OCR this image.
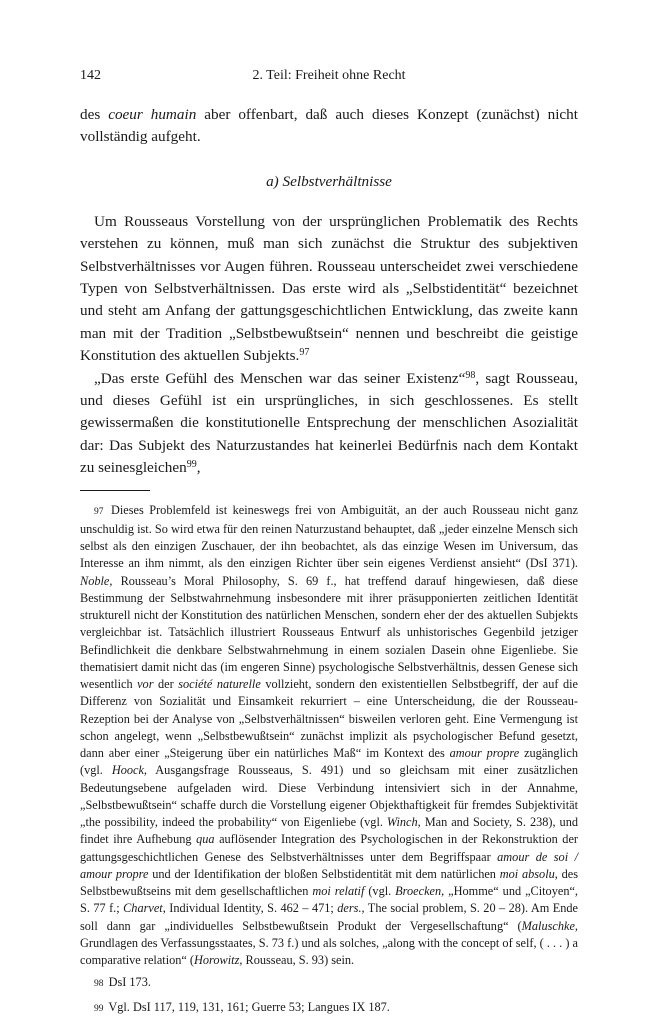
142	2. Teil: Freiheit ohne Recht

des coeur humain aber offenbart, daß auch dieses Konzept (zunächst) nicht vollständig aufgeht.

a) Selbstverhältnisse

Um Rousseaus Vorstellung von der ursprünglichen Problematik des Rechts verstehen zu können, muß man sich zunächst die Struktur des subjektiven Selbstverhältnisses vor Augen führen. Rousseau unterscheidet zwei verschiedene Typen von Selbstverhältnissen. Das erste wird als „Selbstidentität“ bezeichnet und steht am Anfang der gattungsgeschichtlichen Entwicklung, das zweite kann man mit der Tradition „Selbstbewußtsein“ nennen und beschreibt die geistige Konstitution des aktuellen Subjekts.$^{97}$

„Das erste Gefühl des Menschen war das seiner Existenz“$^{98}$, sagt Rousseau, und dieses Gefühl ist ein ursprüngliches, in sich geschlossenes. Es stellt gewissermaßen die konstitutionelle Entsprechung der menschlichen Asozialität dar: Das Subjekt des Naturzustandes hat keinerlei Bedürfnis nach dem Kontakt zu seinesgleichen$^{99}$,

97 Dieses Problemfeld ist keineswegs frei von Ambiguität, an der auch Rousseau nicht ganz unschuldig ist. So wird etwa für den reinen Naturzustand behauptet, daß „jeder einzelne Mensch sich selbst als den einzigen Zuschauer, der ihn beobachtet, als das einzige Wesen im Universum, das Interesse an ihm nimmt, als den einzigen Richter über sein eigenes Verdienst ansieht“ (DsI 371). Noble, Rousseau’s Moral Philosophy, S. 69 f., hat treffend darauf hingewiesen, daß diese Bestimmung der Selbstwahrnehmung insbesondere mit ihrer präsupponierten zeitlichen Identität strukturell nicht der Konstitution des natürlichen Menschen, sondern eher der des aktuellen Subjekts vergleichbar ist. Tatsächlich illustriert Rousseaus Entwurf als unhistorisches Gegenbild jetziger Befindlichkeit die denkbare Selbstwahrnehmung in einem sozialen Dasein ohne Eigenliebe. Sie thematisiert damit nicht das (im engeren Sinne) psychologische Selbstverhältnis, dessen Genese sich wesentlich vor der société naturelle vollzieht, sondern den existentiellen Selbstbegriff, der auf die Differenz von Sozialität und Einsamkeit rekurriert – eine Unterscheidung, die der Rousseau-Rezeption bei der Analyse von „Selbstverhältnissen“ bisweilen verloren geht. Eine Vermengung ist schon angelegt, wenn „Selbstbewußtsein“ zunächst implizit als psychologischer Befund gesetzt, dann aber einer „Steigerung über ein natürliches Maß“ im Kontext des amour propre zugänglich (vgl. Hoock, Ausgangsfrage Rousseaus, S. 491) und so gleichsam mit einer zusätzlichen Bedeutungsebene aufgeladen wird. Diese Verbindung intensiviert sich in der Annahme, „Selbstbewußtsein“ schaffe durch die Vorstellung eigener Objekthaftigkeit für fremdes Subjektivität „the possibility, indeed the probability“ von Eigenliebe (vgl. Winch, Man and Society, S. 238), und findet ihre Aufhebung qua auflösender Integration des Psychologischen in der Rekonstruktion der gattungsgeschichtlichen Genese des Selbstverhältnisses unter dem Begriffspaar amour de soi / amour propre und der Identifikation der bloßen Selbstidentität mit dem natürlichen moi absolu, des Selbstbewußtseins mit dem gesellschaftlichen moi relatif (vgl. Broecken, „Homme“ und „Citoyen“, S. 77 f.; Charvet, Individual Identity, S. 462 – 471; ders., The social problem, S. 20 – 28). Am Ende soll dann gar „individuelles Selbstbewußtsein Produkt der Vergesellschaftung“ (Maluschke, Grundlagen des Verfassungsstaates, S. 73 f.) und als solches, „along with the concept of self, ( . . . ) a comparative relation“ (Horowitz, Rousseau, S. 93) sein.

98 DsI 173.

99 Vgl. DsI 117, 119, 131, 161; Guerre 53; Langues IX 187.
